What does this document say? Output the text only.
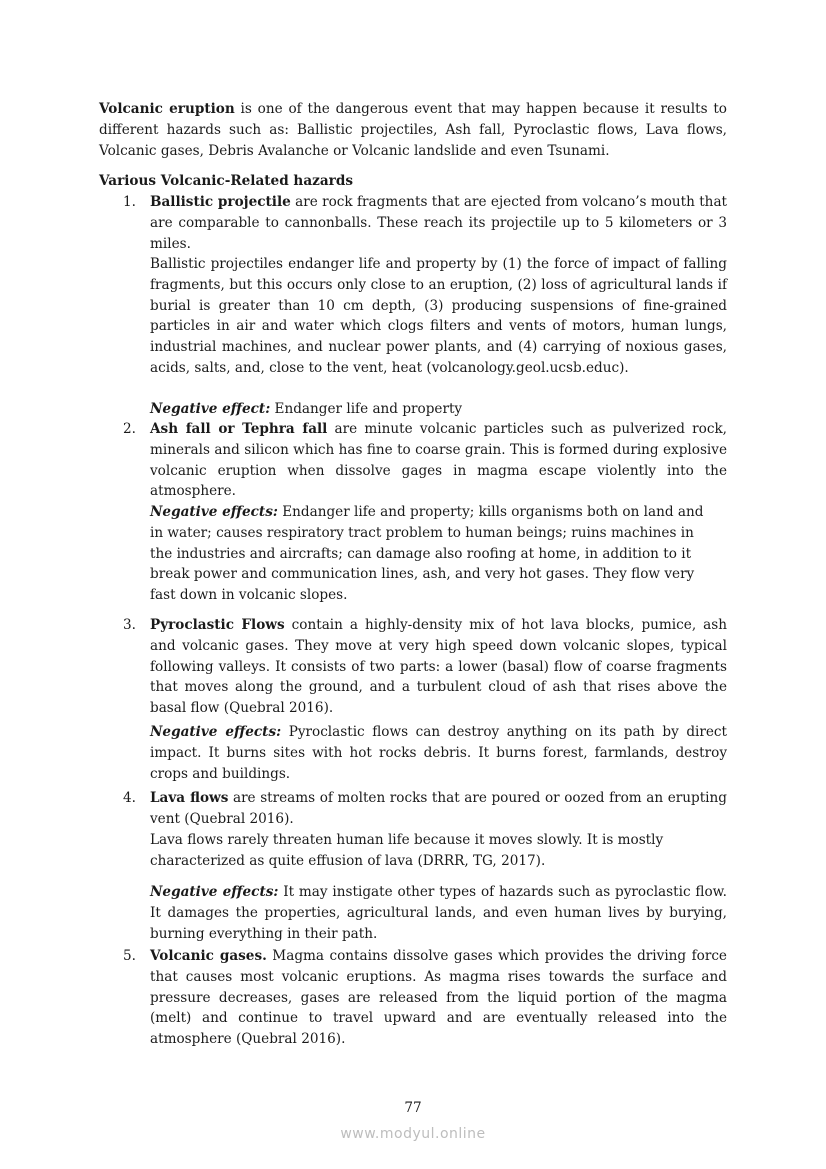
Volcanic eruption is one of the dangerous event that may happen because it results to different hazards such as: Ballistic projectiles, Ash fall, Pyroclastic flows, Lava flows, Volcanic gases, Debris Avalanche or Volcanic landslide and even Tsunami.
Various Volcanic-Related hazards
1. Ballistic projectile are rock fragments that are ejected from volcano’s mouth that are comparable to cannonballs. These reach its projectile up to 5 kilometers or 3 miles.
Ballistic projectiles endanger life and property by (1) the force of impact of falling fragments, but this occurs only close to an eruption, (2) loss of agricultural lands if burial is greater than 10 cm depth, (3) producing suspensions of fine-grained particles in air and water which clogs filters and vents of motors, human lungs, industrial machines, and nuclear power plants, and (4) carrying of noxious gases, acids, salts, and, close to the vent, heat (volcanology.geol.ucsb.educ).
Negative effect: Endanger life and property
2. Ash fall or Tephra fall are minute volcanic particles such as pulverized rock, minerals and silicon which has fine to coarse grain. This is formed during explosive volcanic eruption when dissolve gages in magma escape violently into the atmosphere.
Negative effects: Endanger life and property; kills organisms both on land and in water; causes respiratory tract problem to human beings; ruins machines in the industries and aircrafts; can damage also roofing at home, in addition to it break power and communication lines, ash, and very hot gases. They flow very fast down in volcanic slopes.
3. Pyroclastic Flows contain a highly-density mix of hot lava blocks, pumice, ash and volcanic gases. They move at very high speed down volcanic slopes, typical following valleys. It consists of two parts: a lower (basal) flow of coarse fragments that moves along the ground, and a turbulent cloud of ash that rises above the basal flow (Quebral 2016).
Negative effects: Pyroclastic flows can destroy anything on its path by direct impact. It burns sites with hot rocks debris. It burns forest, farmlands, destroy crops and buildings.
4. Lava flows are streams of molten rocks that are poured or oozed from an erupting vent (Quebral 2016).
Lava flows rarely threaten human life because it moves slowly. It is mostly characterized as quite effusion of lava (DRRR, TG, 2017).
Negative effects: It may instigate other types of hazards such as pyroclastic flow. It damages the properties, agricultural lands, and even human lives by burying, burning everything in their path.
5. Volcanic gases. Magma contains dissolve gases which provides the driving force that causes most volcanic eruptions. As magma rises towards the surface and pressure decreases, gases are released from the liquid portion of the magma (melt) and continue to travel upward and are eventually released into the atmosphere (Quebral 2016).
77
www.modyul.online
